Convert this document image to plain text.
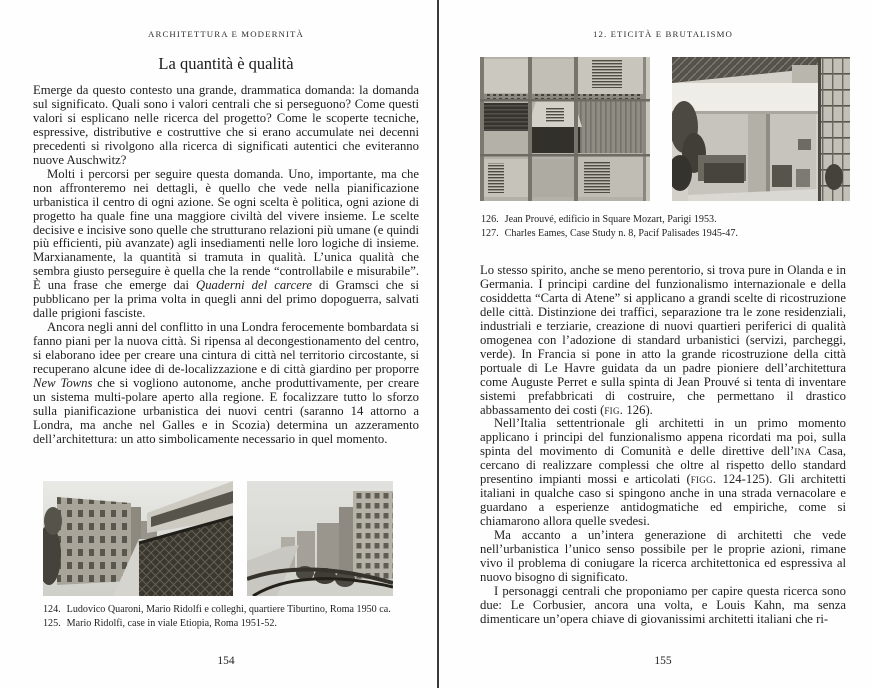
ARCHITETTURA E MODERNITÀ
La quantità è qualità

Emerge da questo contesto una grande, drammatica domanda: la domanda sul significato. Quali sono i valori centrali che si perseguono? Come questi valori si esplicano nelle ricerca del progetto? Come le scoperte tecniche, espressive, distributive e costruttive che si erano accumulate nei decenni precedenti si rivolgono alla ricerca di significati autentici che eviteranno nuove Auschwitz?

Molti i percorsi per seguire questa domanda. Uno, importante, ma che non affronteremo nei dettagli, è quello che vede nella pianificazione urbanistica il centro di ogni azione. Se ogni scelta è politica, ogni azione di progetto ha quale fine una maggiore civiltà del vivere insieme. Le scelte decisive e incisive sono quelle che strutturano relazioni più umane (e quindi più efficienti, più avanzate) agli insediamenti nelle loro logiche di insieme. Marxianamente, la quantità si tramuta in qualità. L’unica qualità che sembra giusto perseguire è quella che la rende “controllabile e misurabile”. È una frase che emerge dai Quaderni del carcere di Gramsci che si pubblicano per la prima volta in quegli anni del primo dopoguerra, salvati dalle prigioni fasciste.

Ancora negli anni del conflitto in una Londra ferocemente bombardata si fanno piani per la nuova città. Si ripensa al decongestionamento del centro, si elaborano idee per creare una cintura di città nel territorio circostante, si recuperano alcune idee di de-localizzazione e di città giardino per proporre New Towns che si vogliono autonome, anche produttivamente, per creare un sistema multi-polare aperto alla regione. E focalizzare tutto lo sforzo sulla pianificazione urbanistica dei nuovi centri (saranno 14 attorno a Londra, ma anche nel Galles e in Scozia) determina un azzeramento dell’architettura: un atto simbolicamente necessario in quel momento.

124. Ludovico Quaroni, Mario Ridolfi e colleghi, quartiere Tiburtino, Roma 1950 ca.

125. Mario Ridolfi, case in viale Etiopia, Roma 1951-52.

154
12. ETICITÀ E BRUTALISMO

126. Jean Prouvé, edificio in Square Mozart, Parigi 1953.

127. Charles Eames, Case Study n. 8, Pacif Palisades 1945-47.

Lo stesso spirito, anche se meno perentorio, si trova pure in Olanda e in Germania. I principi cardine del funzionalismo internazionale e della cosiddetta “Carta di Atene” si applicano a grandi scelte di ricostruzione delle città. Distinzione dei traffici, separazione tra le zone residenziali, industriali e terziarie, creazione di nuovi quartieri periferici di qualità omogenea con l’adozione di standard urbanistici (servizi, parcheggi, verde). In Francia si pone in atto la grande ricostruzione della città portuale di Le Havre guidata da un padre pioniere dell’architettura come Auguste Perret e sulla spinta di Jean Prouvé si tenta di inventare sistemi prefabbricati di costruire, che permettano il drastico abbassamento dei costi (fig. 126).

Nell’Italia settentrionale gli architetti in un primo momento applicano i principi del funzionalismo appena ricordati ma poi, sulla spinta del movimento di Comunità e delle direttive dell’ina Casa, cercano di realizzare complessi che oltre al rispetto dello standard presentino impianti mossi e articolati (figg. 124-125). Gli architetti italiani in qualche caso si spingono anche in una strada vernacolare e guardano a esperienze antidogmatiche ed empiriche, come si chiamarono allora quelle svedesi.

Ma accanto a un’intera generazione di architetti che vede nell’urbanistica l’unico senso possibile per le proprie azioni, rimane vivo il problema di coniugare la ricerca architettonica ed espressiva al nuovo bisogno di significato.

I personaggi centrali che proponiamo per capire questa ricerca sono due: Le Corbusier, ancora una volta, e Louis Kahn, ma senza dimenticare un’opera chiave di giovanissimi architetti italiani che ri-

155
